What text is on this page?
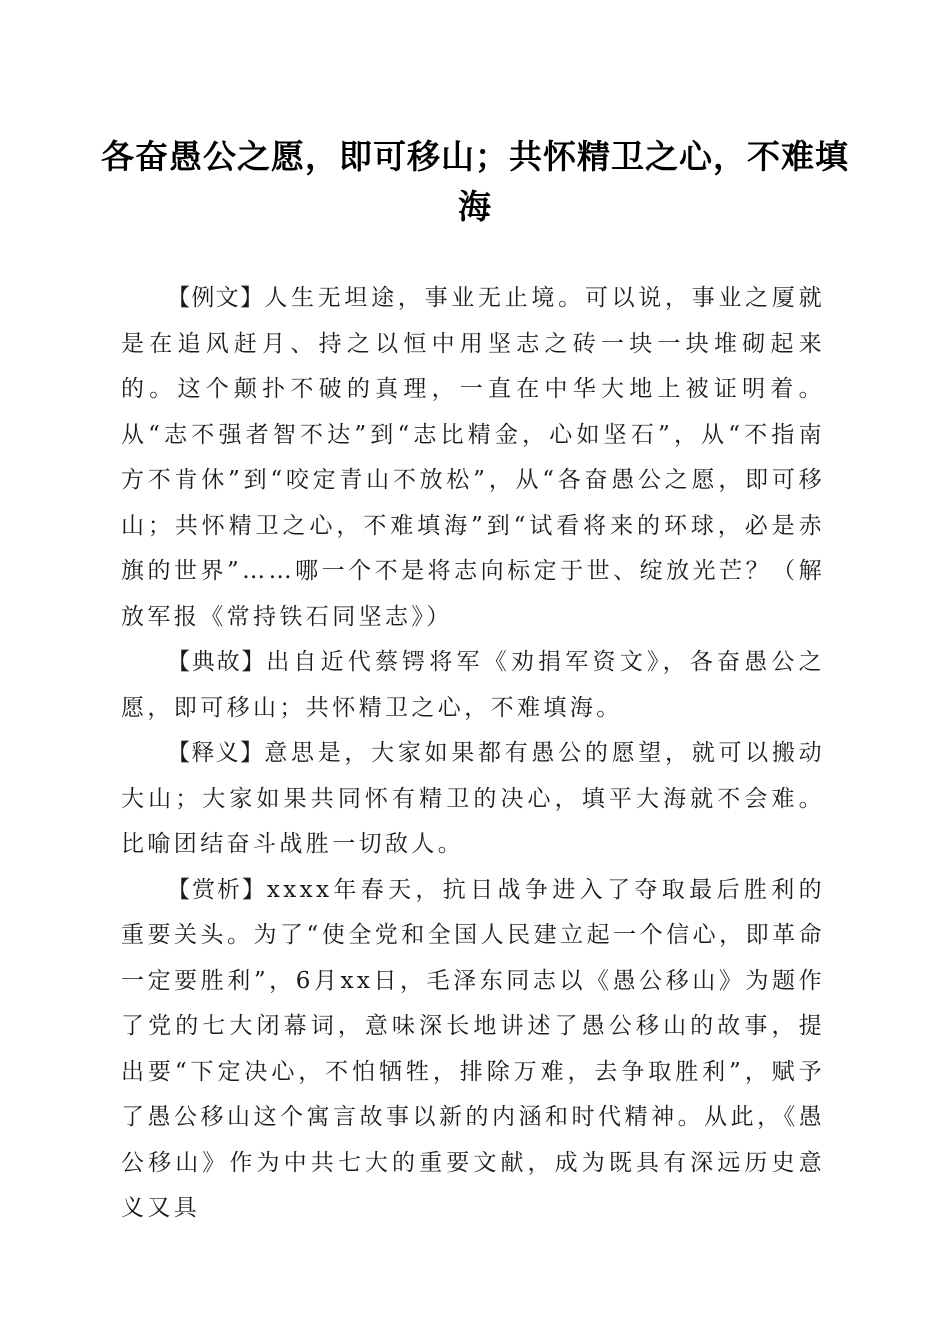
各奋愚公之愿，即可移山；共怀精卫之心，不难填海

【例文】人生无坦途，事业无止境。可以说，事业之厦就是在追风赶月、持之以恒中用坚志之砖一块一块堆砌起来的。这个颠扑不破的真理，一直在中华大地上被证明着。从“志不强者智不达”到“志比精金，心如坚石”，从“不指南方不肯休”到“咬定青山不放松”，从“各奋愚公之愿，即可移山；共怀精卫之心，不难填海”到“试看将来的环球，必是赤旗的世界”……哪一个不是将志向标定于世、绽放光芒？（解放军报《常持铁石同坚志》）

【典故】出自近代蔡锷将军《劝捐军资文》，各奋愚公之愿，即可移山；共怀精卫之心，不难填海。

【释义】意思是，大家如果都有愚公的愿望，就可以搬动大山；大家如果共同怀有精卫的决心，填平大海就不会难。比喻团结奋斗战胜一切敌人。

【赏析】xxxx年春天，抗日战争进入了夺取最后胜利的重要关头。为了“使全党和全国人民建立起一个信心，即革命一定要胜利”，6月xx日，毛泽东同志以《愚公移山》为题作了党的七大闭幕词，意味深长地讲述了愚公移山的故事，提出要“下定决心，不怕牺牲，排除万难，去争取胜利”，赋予了愚公移山这个寓言故事以新的内涵和时代精神。从此，《愚公移山》作为中共七大的重要文献，成为既具有深远历史意义又具
